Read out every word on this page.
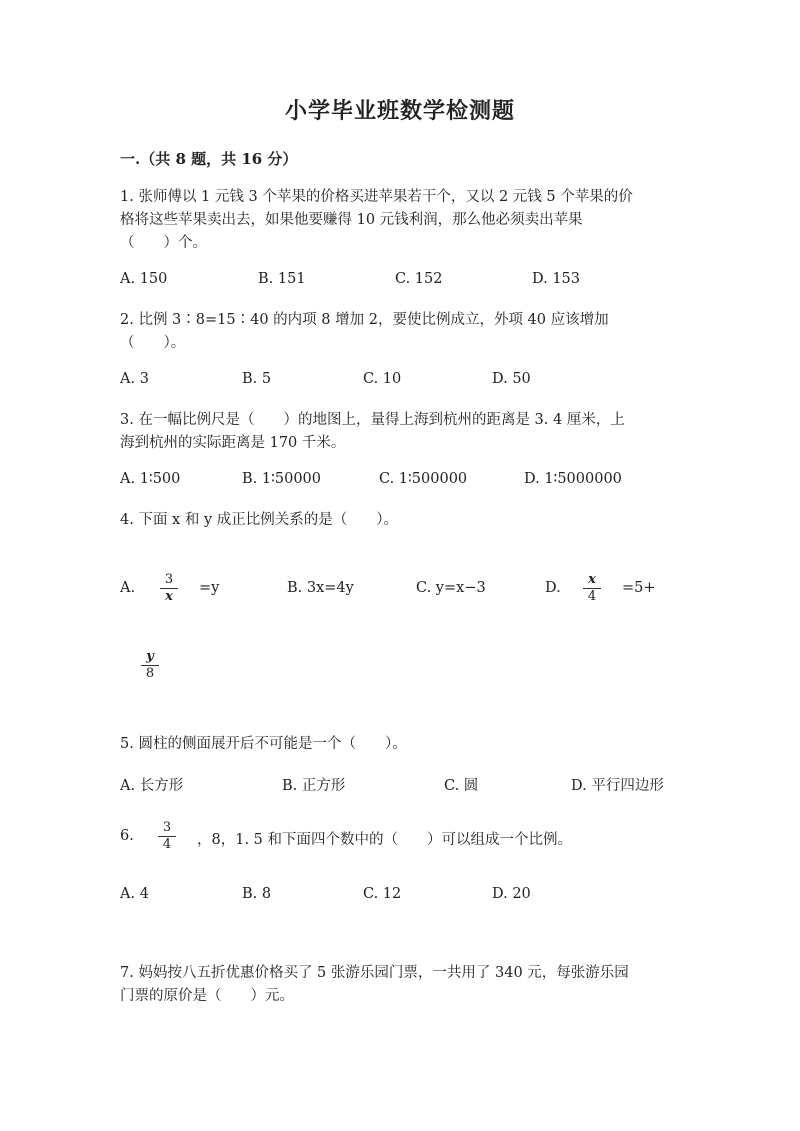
小学毕业班数学检测题
一.（共 8 题，共 16 分）
1. 张师傅以 1 元钱 3 个苹果的价格买进苹果若干个，又以 2 元钱 5 个苹果的价
格将这些苹果卖出去，如果他要赚得 10 元钱利润，那么他必须卖出苹果
（　　）个。
A. 150	B. 151	C. 152	D. 153
2. 比例 3∶8=15∶40 的内项 8 增加 2，要使比例成立，外项 40 应该增加
（　　）。
A. 3	B. 5	C. 10	D. 50
3. 在一幅比例尺是（　　）的地图上，量得上海到杭州的距离是 3. 4 厘米，上
海到杭州的实际距离是 170 千米。
A. 1∶500	B. 1∶50000	C. 1∶500000	D. 1∶5000000
4. 下面 x 和 y 成正比例关系的是（　　）。
A.
3
x
=y	B. 3x=4y	C. y=x−3	D.
x
4
=5+
y
8
5. 圆柱的侧面展开后不可能是一个（　　）。
A. 长方形	B. 正方形	C. 圆	D. 平行四边形
6.
3
4	，8，1. 5 和下面四个数中的（　　）可以组成一个比例。
A. 4	B. 8	C. 12	D. 20
7. 妈妈按八五折优惠价格买了 5 张游乐园门票，一共用了 340 元，每张游乐园
门票的原价是（　　）元。
